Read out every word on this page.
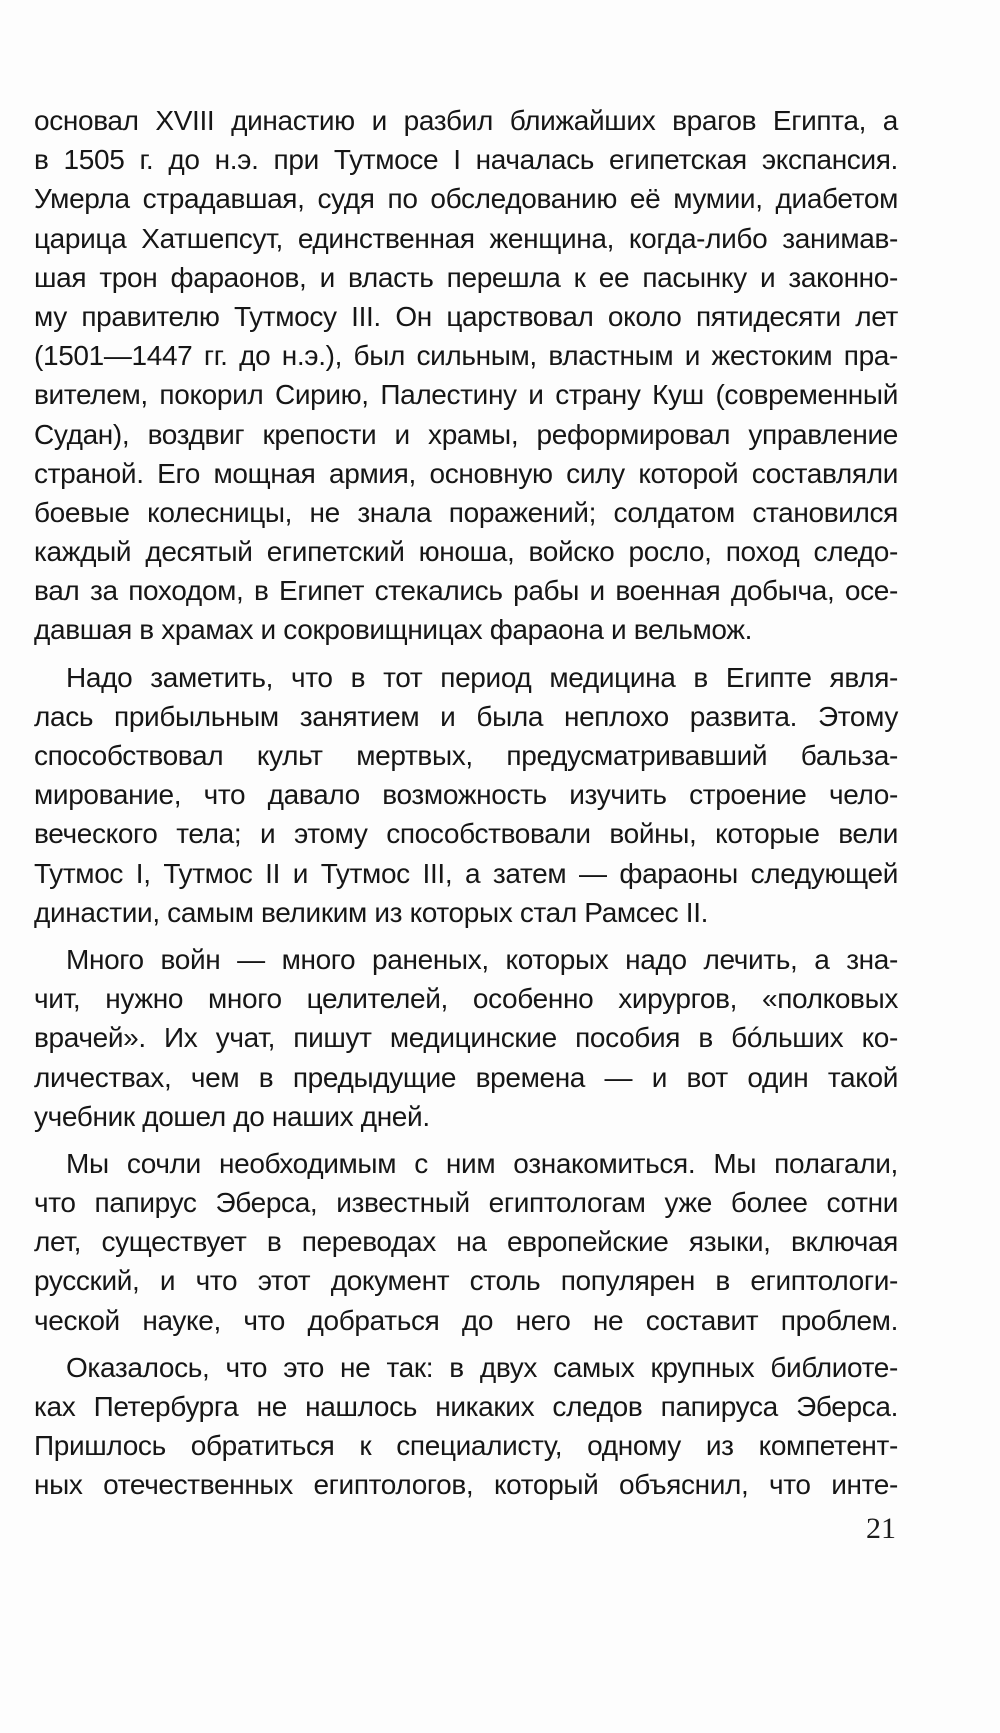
основал XVIII династию и разбил ближайших врагов Египта, а
в 1505 г. до н.э. при Тутмосе I началась египетская экспансия.
Умерла страдавшая, судя по обследованию её мумии, диабетом
царица Хатшепсут, единственная женщина, когда-либо занимав-
шая трон фараонов, и власть перешла к ее пасынку и законно-
му правителю Тутмосу III. Он царствовал около пятидесяти лет
(1501—1447 гг. до н.э.), был сильным, властным и жестоким пра-
вителем, покорил Сирию, Палестину и страну Куш (современный
Судан), воздвиг крепости и храмы, реформировал управление
страной. Его мощная армия, основную силу которой составляли
боевые колесницы, не знала поражений; солдатом становился
каждый десятый египетский юноша, войско росло, поход следо-
вал за походом, в Египет стекались рабы и военная добыча, осе-
давшая в храмах и сокровищницах фараона и вельмож.

Надо заметить, что в тот период медицина в Египте явля-
лась прибыльным занятием и была неплохо развита. Этому
способствовал культ мертвых, предусматривавший бальза-
мирование, что давало возможность изучить строение чело-
веческого тела; и этому способствовали войны, которые вели
Тутмос I, Тутмос II и Тутмос III, а затем — фараоны следующей
династии, самым великим из которых стал Рамсес II.

Много войн — много раненых, которых надо лечить, а зна-
чит, нужно много целителей, особенно хирургов, «полковых
врачей». Их учат, пишут медицинские пособия в бóльших ко-
личествах, чем в предыдущие времена — и вот один такой
учебник дошел до наших дней.

Мы сочли необходимым с ним ознакомиться. Мы полагали,
что папирус Эберса, известный египтологам уже более сотни
лет, существует в переводах на европейские языки, включая
русский, и что этот документ столь популярен в египтологи-
ческой науке, что добраться до него не составит проблем.

Оказалось, что это не так: в двух самых крупных библиоте-
ках Петербурга не нашлось никаких следов папируса Эберса.
Пришлось обратиться к специалисту, одному из компетент-
ных отечественных египтологов, который объяснил, что инте-

21
